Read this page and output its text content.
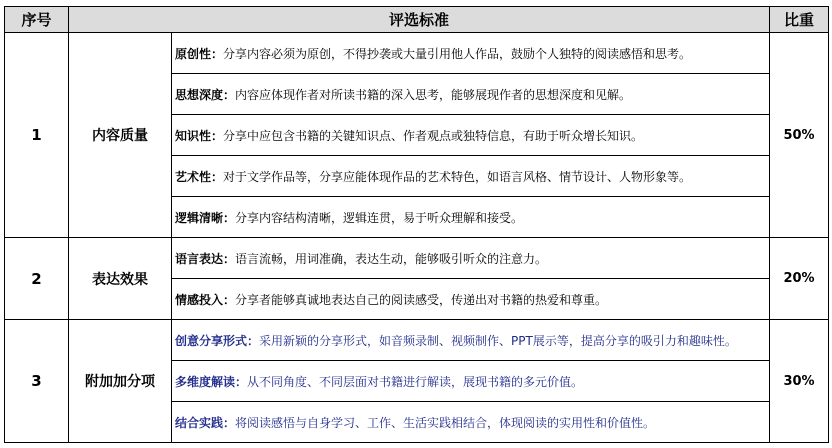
序号	评选标准		比重
1	内容质量	原创性：分享内容必须为原创，不得抄袭或大量引用他人作品，鼓励个人独特的阅读感悟和思考。	50%
		思想深度：内容应体现作者对所读书籍的深入思考，能够展现作者的思想深度和见解。	
		知识性：分享中应包含书籍的关键知识点、作者观点或独特信息，有助于听众增长知识。	
		艺术性：对于文学作品等，分享应能体现作品的艺术特色，如语言风格、情节设计、人物形象等。	
		逻辑清晰：分享内容结构清晰，逻辑连贯，易于听众理解和接受。	
2	表达效果	语言表达：语言流畅，用词准确，表达生动，能够吸引听众的注意力。	20%
		情感投入：分享者能够真诚地表达自己的阅读感受，传递出对书籍的热爱和尊重。	
3	附加加分项	创意分享形式：采用新颖的分享形式，如音频录制、视频制作、PPT展示等，提高分享的吸引力和趣味性。	30%
		多维度解读：从不同角度、不同层面对书籍进行解读，展现书籍的多元价值。	
		结合实践：将阅读感悟与自身学习、工作、生活实践相结合，体现阅读的实用性和价值性。	
